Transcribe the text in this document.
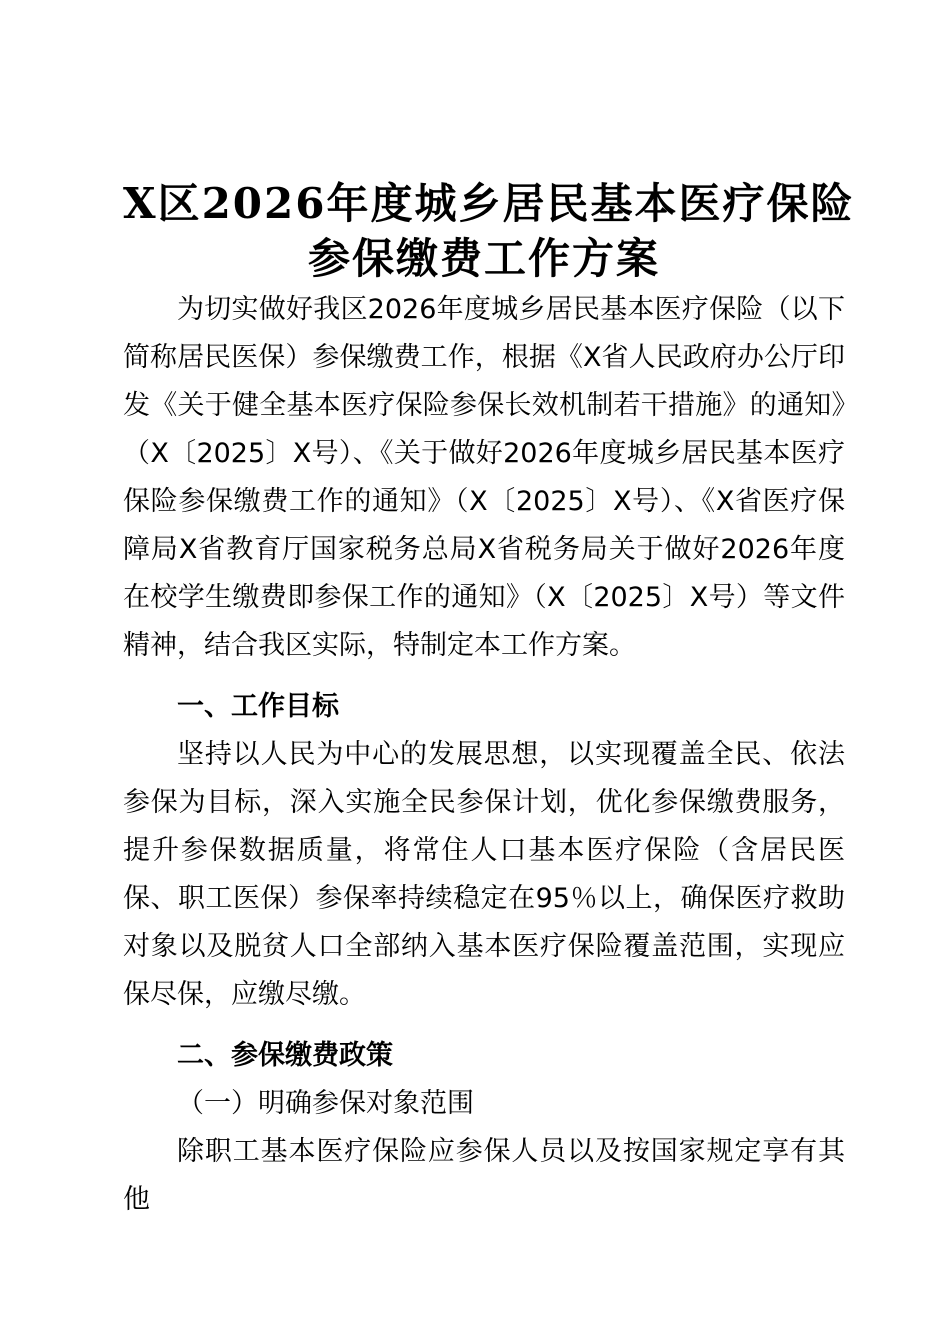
X区2026年度城乡居民基本医疗保险
参保缴费工作方案

为切实做好我区2026年度城乡居民基本医疗保险（以下简称居民医保）参保缴费工作，根据《X省人民政府办公厅印发《关于健全基本医疗保险参保长效机制若干措施》的通知》（X〔2025〕X号）、《关于做好2026年度城乡居民基本医疗保险参保缴费工作的通知》（X〔2025〕X号）、《X省医疗保障局X省教育厅国家税务总局X省税务局关于做好2026年度在校学生缴费即参保工作的通知》（X〔2025〕X号）等文件精神，结合我区实际，特制定本工作方案。

一、工作目标

坚持以人民为中心的发展思想，以实现覆盖全民、依法参保为目标，深入实施全民参保计划，优化参保缴费服务，提升参保数据质量，将常住人口基本医疗保险（含居民医保、职工医保）参保率持续稳定在95％以上，确保医疗救助对象以及脱贫人口全部纳入基本医疗保险覆盖范围，实现应保尽保，应缴尽缴。

二、参保缴费政策
（一）明确参保对象范围

除职工基本医疗保险应参保人员以及按国家规定享有其他
